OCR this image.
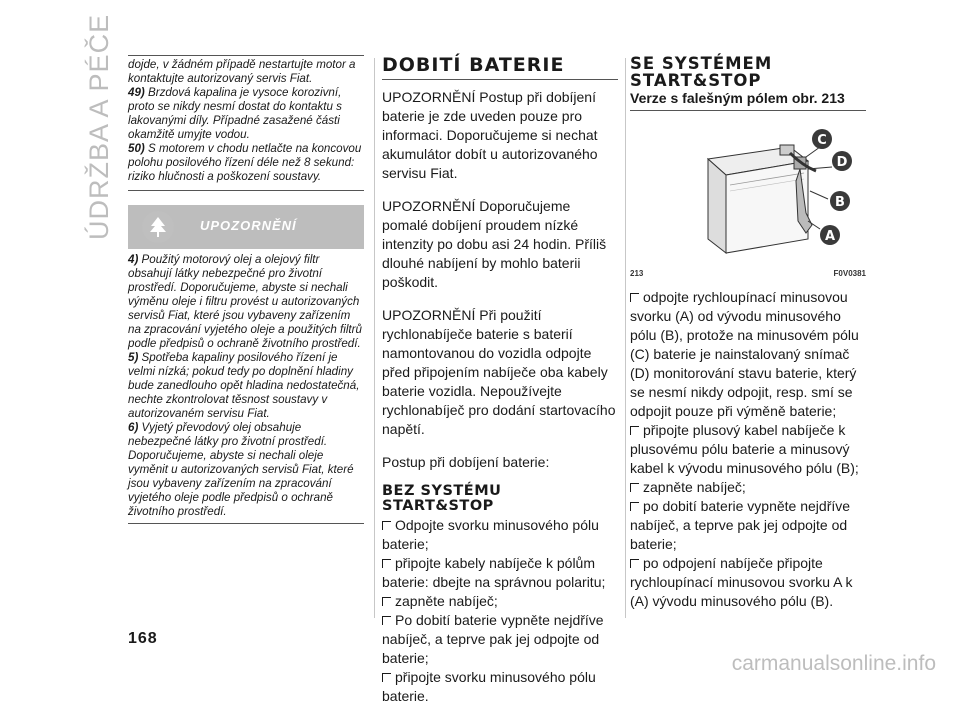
ÚDRŽBA A PÉČE dojde, v žádném případě nestartujte motor a kontaktujte autorizovaný servis Fiat.

49) Brzdová kapalina je vysoce korozivní, proto se nikdy nesmí dostat do kontaktu s lakovanými díly. Případné zasažené části okamžitě umyjte vodou.

50) S motorem v chodu netlačte na koncovou polohu posilového řízení déle než 8 sekund: riziko hlučnosti a poškození soustavy.

UPOZORNĚNÍ

4) Použitý motorový olej a olejový filtr obsahují látky nebezpečné pro životní prostředí. Doporučujeme, abyste si nechali výměnu oleje i filtru provést u autorizovaných servisů Fiat, které jsou vybaveny zařízením na zpracování vyjetého oleje a použitých filtrů podle předpisů o ochraně životního prostředí.

5) Spotřeba kapaliny posilového řízení je velmi nízká; pokud tedy po doplnění hladiny bude zanedlouho opět hladina nedostatečná, nechte zkontrolovat těsnost soustavy v autorizovaném servisu Fiat.

6) Vyjetý převodový olej obsahuje nebezpečné látky pro životní prostředí. Doporučujeme, abyste si nechali oleje vyměnit u autorizovaných servisů Fiat, které jsou vybaveny zařízením na zpracování vyjetého oleje podle předpisů o ochraně životního prostředí.

DOBITÍ BATERIE

UPOZORNĚNÍ Postup při dobíjení baterie je zde uveden pouze pro informaci. Doporučujeme si nechat akumulátor dobít u autorizovaného servisu Fiat.

UPOZORNĚNÍ Doporučujeme pomalé dobíjení proudem nízké intenzity po dobu asi 24 hodin. Příliš dlouhé nabíjení by mohlo baterii poškodit.

UPOZORNĚNÍ Při použití rychlonabíječe baterie s baterií namontovanou do vozidla odpojte před připojením nabíječe oba kabely baterie vozidla. Nepoužívejte rychlonabíječ pro dodání startovacího napětí.

Postup při dobíjení baterie:

BEZ SYSTÉMU START&STOP

Odpojte svorku minusového pólu baterie;

připojte kabely nabíječe k pólům baterie: dbejte na správnou polaritu;

zapněte nabíječ;

Po dobití baterie vypněte nejdříve nabíječ, a teprve pak jej odpojte od baterie;

připojte svorku minusového pólu baterie.

SE SYSTÉMEM START&STOP
Verze s falešným pólem obr. 213
C
D
B
A
213	F0V0381

odpojte rychloupínací minusovou svorku (A) od vývodu minusového pólu (B), protože na minusovém pólu (C) baterie je nainstalovaný snímač (D) monitorování stavu baterie, který se nesmí nikdy odpojit, resp. smí se odpojit pouze při výměně baterie;

připojte plusový kabel nabíječe k plusovému pólu baterie a minusový kabel k vývodu minusového pólu (B);

zapněte nabíječ;

po dobití baterie vypněte nejdříve nabíječ, a teprve pak jej odpojte od baterie;

po odpojení nabíječe připojte rychloupínací minusovou svorku A k (A) vývodu minusového pólu (B).

168
carmanualsonline.info
